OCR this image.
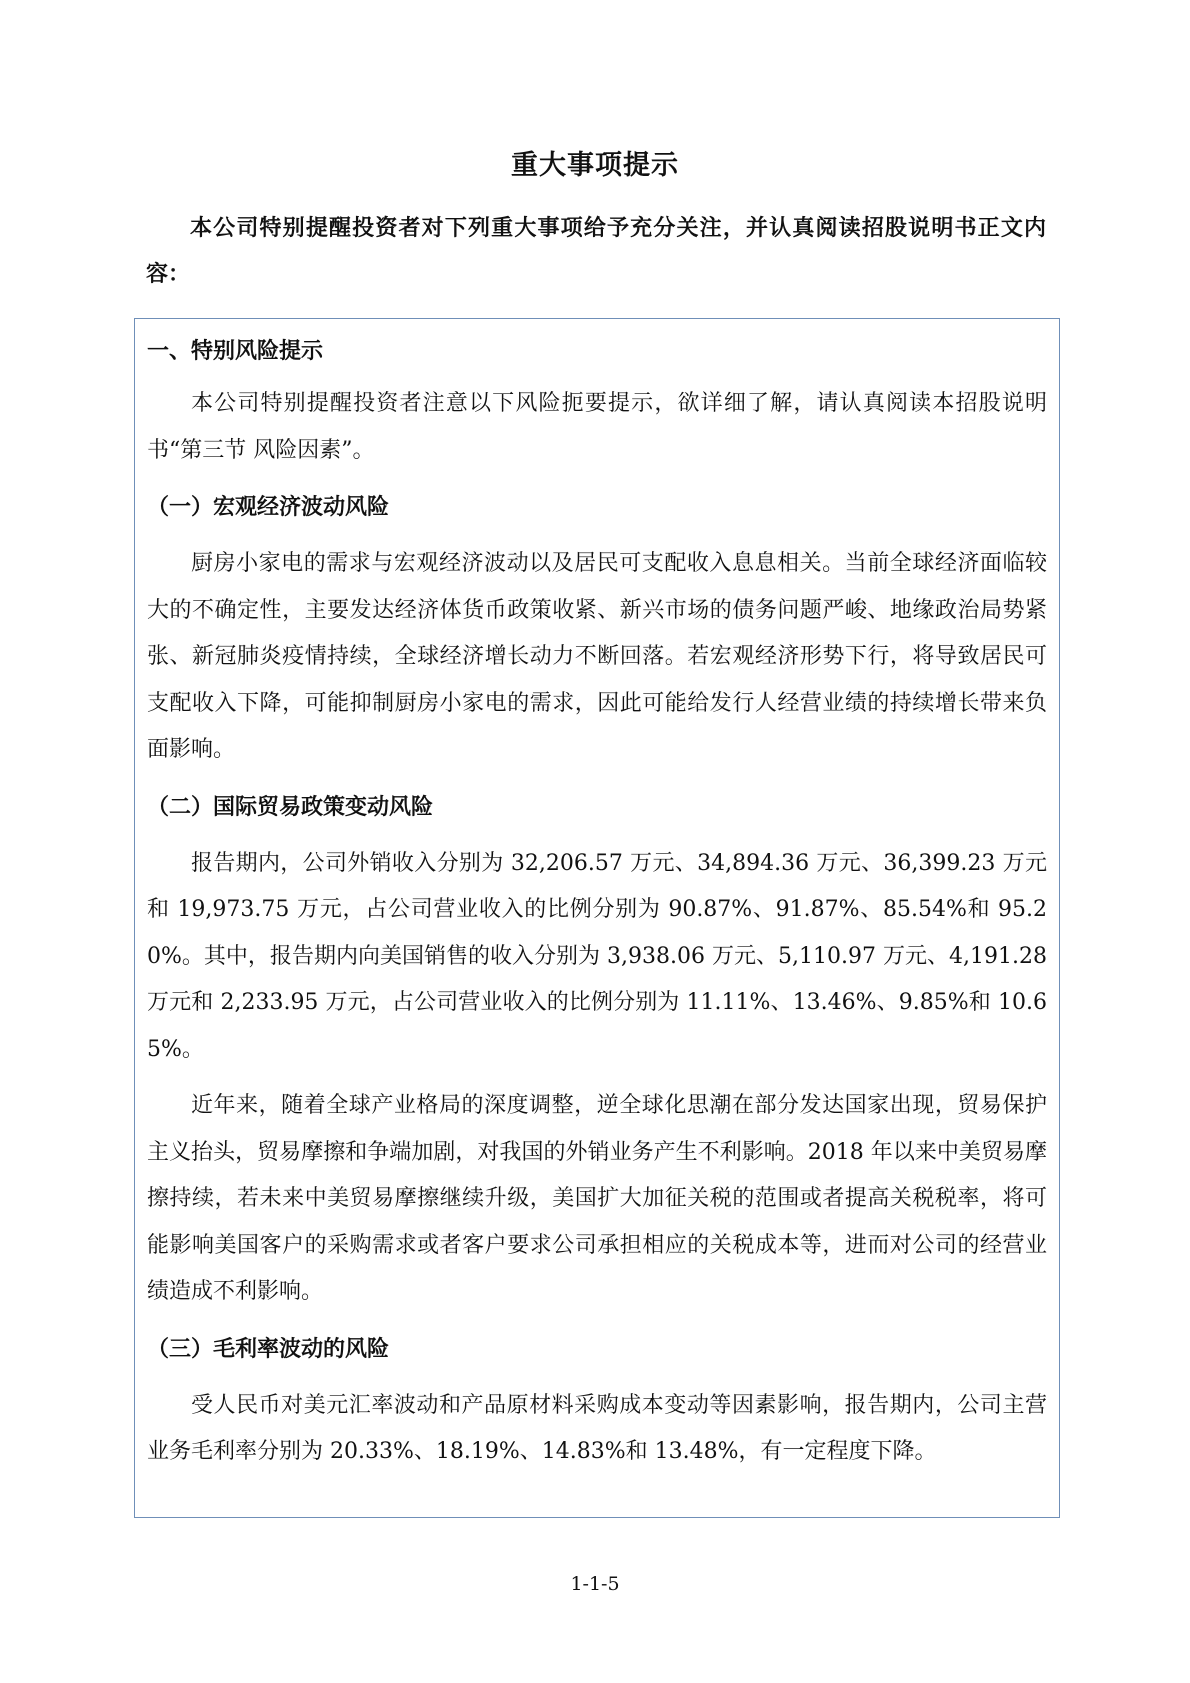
重大事项提示

本公司特别提醒投资者对下列重大事项给予充分关注，并认真阅读招股说明书正文内容：

一、特别风险提示

本公司特别提醒投资者注意以下风险扼要提示，欲详细了解，请认真阅读本招股说明书“第三节 风险因素”。

（一）宏观经济波动风险

厨房小家电的需求与宏观经济波动以及居民可支配收入息息相关。当前全球经济面临较大的不确定性，主要发达经济体货币政策收紧、新兴市场的债务问题严峻、地缘政治局势紧张、新冠肺炎疫情持续，全球经济增长动力不断回落。若宏观经济形势下行，将导致居民可支配收入下降，可能抑制厨房小家电的需求，因此可能给发行人经营业绩的持续增长带来负面影响。

（二）国际贸易政策变动风险

报告期内，公司外销收入分别为 32,206.57 万元、34,894.36 万元、36,399.23 万元和 19,973.75 万元，占公司营业收入的比例分别为 90.87%、91.87%、85.54%和 95.20%。其中，报告期内向美国销售的收入分别为 3,938.06 万元、5,110.97 万元、4,191.28 万元和 2,233.95 万元，占公司营业收入的比例分别为 11.11%、13.46%、9.85%和 10.65%。

近年来，随着全球产业格局的深度调整，逆全球化思潮在部分发达国家出现，贸易保护主义抬头，贸易摩擦和争端加剧，对我国的外销业务产生不利影响。2018 年以来中美贸易摩擦持续，若未来中美贸易摩擦继续升级，美国扩大加征关税的范围或者提高关税税率，将可能影响美国客户的采购需求或者客户要求公司承担相应的关税成本等，进而对公司的经营业绩造成不利影响。

（三）毛利率波动的风险

受人民币对美元汇率波动和产品原材料采购成本变动等因素影响，报告期内，公司主营业务毛利率分别为 20.33%、18.19%、14.83%和 13.48%，有一定程度下降。

1-1-5
